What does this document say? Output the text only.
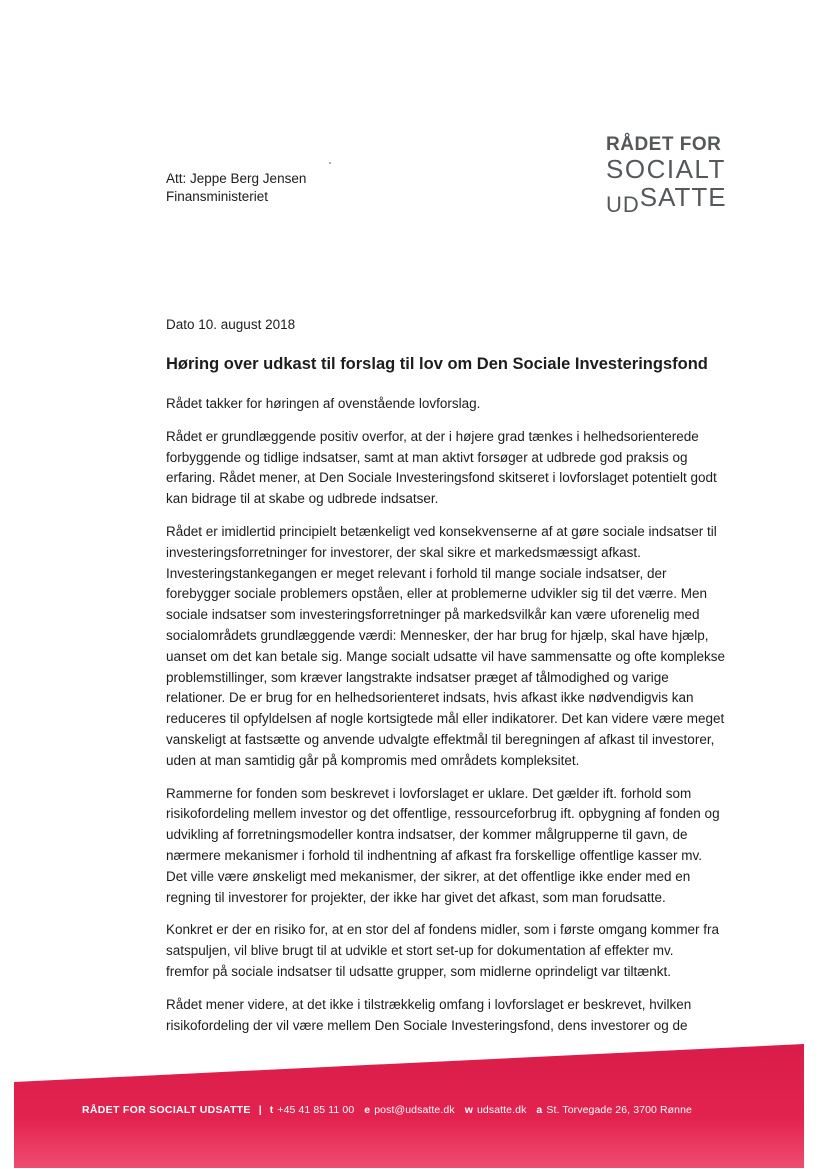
RÅDET FOR
SOCIALT
$_{UD}$SATTE
Att: Jeppe Berg Jensen
Finansministeriet
Dato 10. august 2018
Høring over udkast til forslag til lov om Den Sociale Investeringsfond
Rådet takker for høringen af ovenstående lovforslag.
Rådet er grundlæggende positiv overfor, at der i højere grad tænkes i helhedsorienterede
forbyggende og tidlige indsatser, samt at man aktivt forsøger at udbrede god praksis og
erfaring. Rådet mener, at Den Sociale Investeringsfond skitseret i lovforslaget potentielt godt
kan bidrage til at skabe og udbrede indsatser.
Rådet er imidlertid principielt betænkeligt ved konsekvenserne af at gøre sociale indsatser til
investeringsforretninger for investorer, der skal sikre et markedsmæssigt afkast.
Investeringstankegangen er meget relevant i forhold til mange sociale indsatser, der
forebygger sociale problemers opståen, eller at problemerne udvikler sig til det værre. Men
sociale indsatser som investeringsforretninger på markedsvilkår kan være uforenelig med
socialområdets grundlæggende værdi: Mennesker, der har brug for hjælp, skal have hjælp,
uanset om det kan betale sig. Mange socialt udsatte vil have sammensatte og ofte komplekse
problemstillinger, som kræver langstrakte indsatser præget af tålmodighed og varige
relationer. De er brug for en helhedsorienteret indsats, hvis afkast ikke nødvendigvis kan
reduceres til opfyldelsen af nogle kortsigtede mål eller indikatorer. Det kan videre være meget
vanskeligt at fastsætte og anvende udvalgte effektmål til beregningen af afkast til investorer,
uden at man samtidig går på kompromis med områdets kompleksitet.
Rammerne for fonden som beskrevet i lovforslaget er uklare. Det gælder ift. forhold som
risikofordeling mellem investor og det offentlige, ressourceforbrug ift. opbygning af fonden og
udvikling af forretningsmodeller kontra indsatser, der kommer målgrupperne til gavn, de
nærmere mekanismer i forhold til indhentning af afkast fra forskellige offentlige kasser mv.
Det ville være ønskeligt med mekanismer, der sikrer, at det offentlige ikke ender med en
regning til investorer for projekter, der ikke har givet det afkast, som man forudsatte.
Konkret er der en risiko for, at en stor del af fondens midler, som i første omgang kommer fra
satspuljen, vil blive brugt til at udvikle et stort set-up for dokumentation af effekter mv.
fremfor på sociale indsatser til udsatte grupper, som midlerne oprindeligt var tiltænkt.
Rådet mener videre, at det ikke i tilstrækkelig omfang i lovforslaget er beskrevet, hvilken
risikofordeling der vil være mellem Den Sociale Investeringsfond, dens investorer og de
RÅDET FOR SOCIALT UDSATTE | t +45 41 85 11 00 e post@udsatte.dk w udsatte.dk a St. Torvegade 26, 3700 Rønne
